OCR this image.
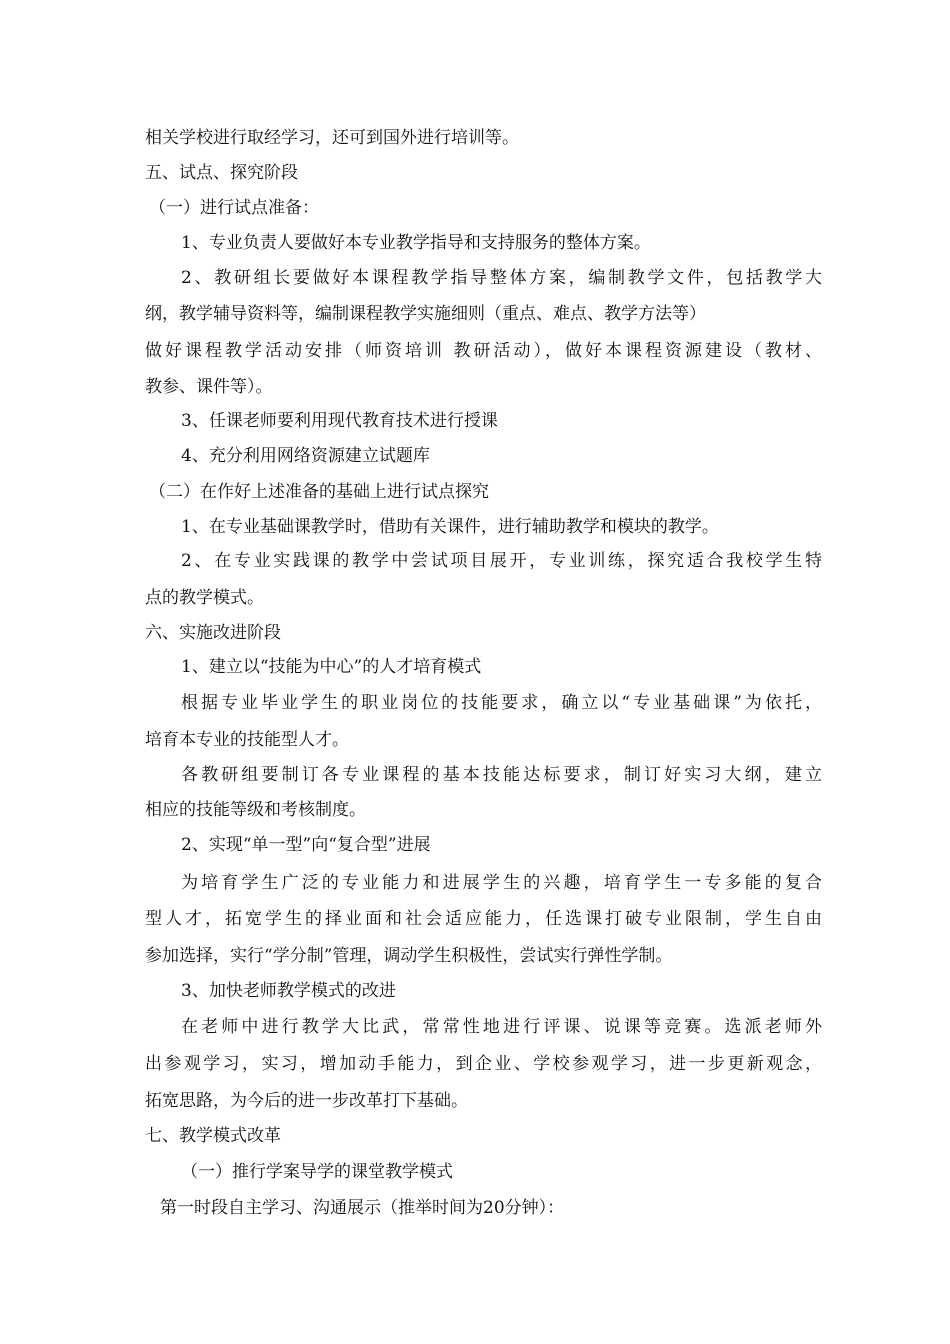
相关学校进行取经学习，还可到国外进行培训等。
五、试点、探究阶段
（一）进行试点准备：
1、专业负责人要做好本专业教学指导和支持服务的整体方案。
2、教研组长要做好本课程教学指导整体方案，编制教学文件，包括教学大
纲，教学辅导资料等，编制课程教学实施细则（重点、难点、教学方法等）
做好课程教学活动安排（师资培训 教研活动），做好本课程资源建设（教材、
教参、课件等）。
3、任课老师要利用现代教育技术进行授课
4、充分利用网络资源建立试题库
（二）在作好上述准备的基础上进行试点探究
1、在专业基础课教学时，借助有关课件，进行辅助教学和模块的教学。
2、在专业实践课的教学中尝试项目展开，专业训练，探究适合我校学生特
点的教学模式。
六、实施改进阶段
1、建立以“技能为中心”的人才培育模式
根据专业毕业学生的职业岗位的技能要求，确立以“专业基础课”为依托，
培育本专业的技能型人才。
各教研组要制订各专业课程的基本技能达标要求，制订好实习大纲，建立
相应的技能等级和考核制度。
2、实现“单一型”向“复合型”进展
为培育学生广泛的专业能力和进展学生的兴趣，培育学生一专多能的复合
型人才，拓宽学生的择业面和社会适应能力，任选课打破专业限制，学生自由
参加选择，实行“学分制”管理，调动学生积极性，尝试实行弹性学制。
3、加快老师教学模式的改进
在老师中进行教学大比武，常常性地进行评课、说课等竞赛。选派老师外
出参观学习，实习，增加动手能力，到企业、学校参观学习，进一步更新观念，
拓宽思路，为今后的进一步改革打下基础。
七、教学模式改革
（一）推行学案导学的课堂教学模式
第一时段自主学习、沟通展示（推举时间为20分钟）：
